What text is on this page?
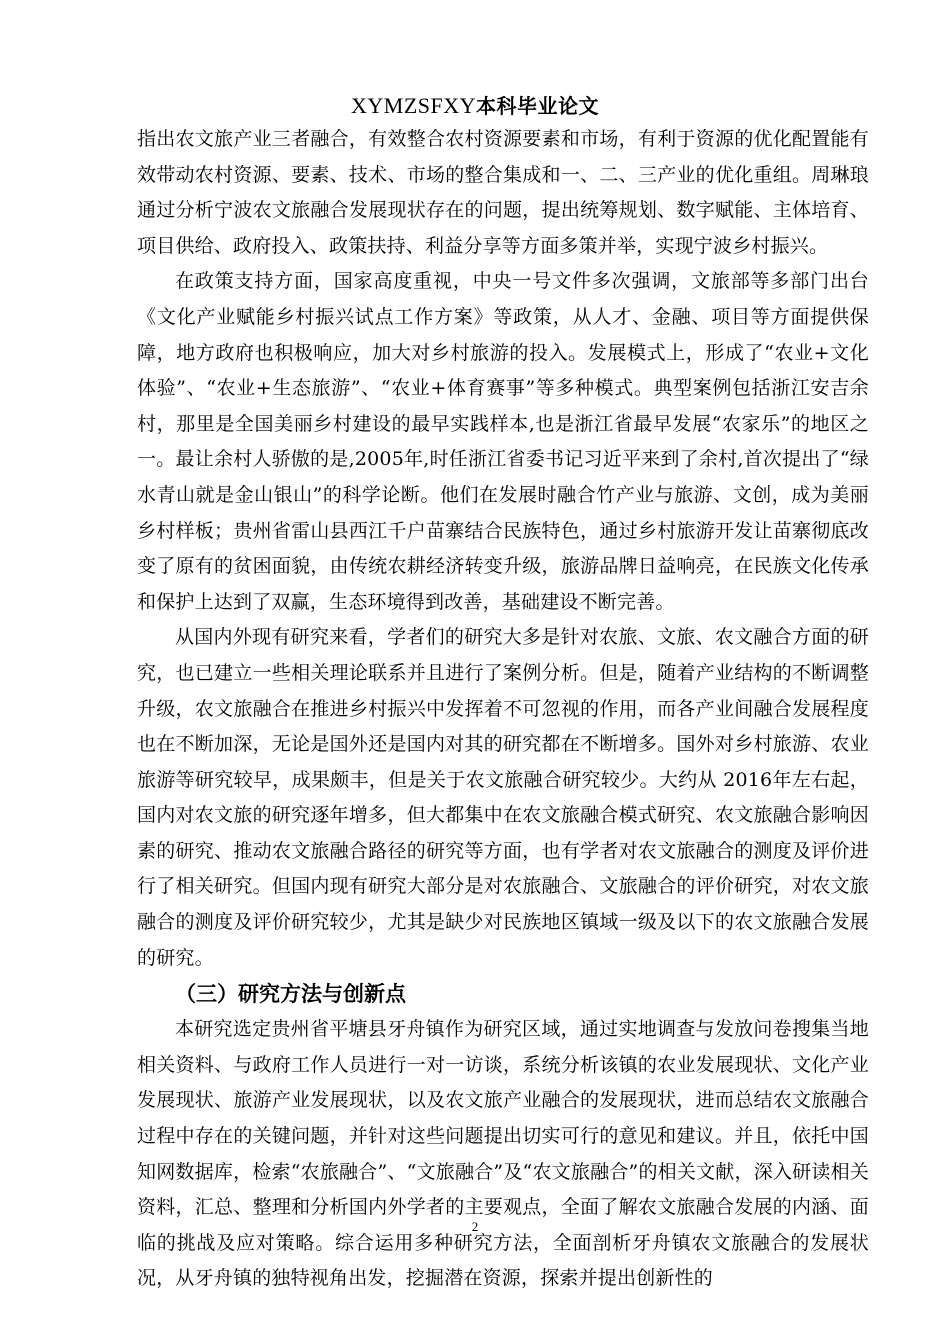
XYMZSFXY本科毕业论文

指出农文旅产业三者融合，有效整合农村资源要素和市场，有利于资源的优化配置能有效带动农村资源、要素、技术、市场的整合集成和一、二、三产业的优化重组。周琳琅通过分析宁波农文旅融合发展现状存在的问题，提出统筹规划、数字赋能、主体培育、项目供给、政府投入、政策扶持、利益分享等方面多策并举，实现宁波乡村振兴。

在政策支持方面，国家高度重视，中央一号文件多次强调，文旅部等多部门出台《文化产业赋能乡村振兴试点工作方案》等政策，从人才、金融、项目等方面提供保障，地方政府也积极响应，加大对乡村旅游的投入。发展模式上，形成了“农业+文化体验”、“农业+生态旅游”、“农业+体育赛事”等多种模式。典型案例包括浙江安吉余村，那里是全国美丽乡村建设的最早实践样本,也是浙江省最早发展“农家乐”的地区之一。最让余村人骄傲的是,2005年,时任浙江省委书记习近平来到了余村,首次提出了“绿水青山就是金山银山”的科学论断。他们在发展时融合竹产业与旅游、文创，成为美丽乡村样板；贵州省雷山县西江千户苗寨结合民族特色，通过乡村旅游开发让苗寨彻底改变了原有的贫困面貌，由传统农耕经济转变升级，旅游品牌日益响亮，在民族文化传承和保护上达到了双赢，生态环境得到改善，基础建设不断完善。

从国内外现有研究来看，学者们的研究大多是针对农旅、文旅、农文融合方面的研究，也已建立一些相关理论联系并且进行了案例分析。但是，随着产业结构的不断调整升级，农文旅融合在推进乡村振兴中发挥着不可忽视的作用，而各产业间融合发展程度也在不断加深，无论是国外还是国内对其的研究都在不断增多。国外对乡村旅游、农业旅游等研究较早，成果颇丰，但是关于农文旅融合研究较少。大约从 2016年左右起，国内对农文旅的研究逐年增多，但大都集中在农文旅融合模式研究、农文旅融合影响因素的研究、推动农文旅融合路径的研究等方面，也有学者对农文旅融合的测度及评价进行了相关研究。但国内现有研究大部分是对农旅融合、文旅融合的评价研究，对农文旅融合的测度及评价研究较少，尤其是缺少对民族地区镇域一级及以下的农文旅融合发展的研究。

（三）研究方法与创新点

本研究选定贵州省平塘县牙舟镇作为研究区域，通过实地调查与发放问卷搜集当地相关资料、与政府工作人员进行一对一访谈，系统分析该镇的农业发展现状、文化产业发展现状、旅游产业发展现状，以及农文旅产业融合的发展现状，进而总结农文旅融合过程中存在的关键问题，并针对这些问题提出切实可行的意见和建议。并且，依托中国知网数据库，检索“农旅融合”、“文旅融合”及“农文旅融合”的相关文献，深入研读相关资料，汇总、整理和分析国内外学者的主要观点，全面了解农文旅融合发展的内涵、面临的挑战及应对策略。综合运用多种研究方法，全面剖析牙舟镇农文旅融合的发展状况，从牙舟镇的独特视角出发，挖掘潜在资源，探索并提出创新性的

2
